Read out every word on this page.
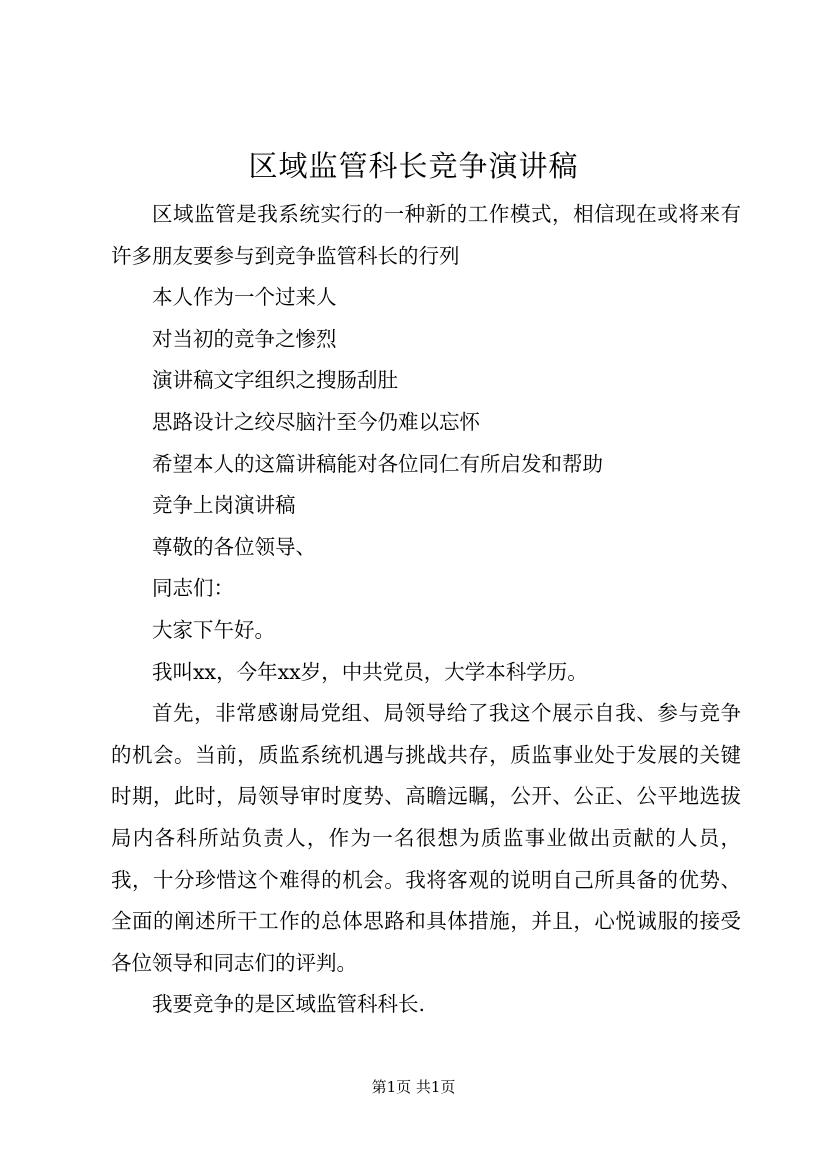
区域监管科长竞争演讲稿

区域监管是我系统实行的一种新的工作模式，相信现在或将来有许多朋友要参与到竞争监管科长的行列

本人作为一个过来人

对当初的竞争之惨烈

演讲稿文字组织之搜肠刮肚

思路设计之绞尽脑汁至今仍难以忘怀

希望本人的这篇讲稿能对各位同仁有所启发和帮助

竞争上岗演讲稿

尊敬的各位领导、

同志们：

大家下午好。

我叫xx，今年xx岁，中共党员，大学本科学历。

首先，非常感谢局党组、局领导给了我这个展示自我、参与竞争的机会。当前，质监系统机遇与挑战共存，质监事业处于发展的关键时期，此时，局领导审时度势、高瞻远瞩，公开、公正、公平地选拔局内各科所站负责人，作为一名很想为质监事业做出贡献的人员，我，十分珍惜这个难得的机会。我将客观的说明自己所具备的优势、全面的阐述所干工作的总体思路和具体措施，并且，心悦诚服的接受各位领导和同志们的评判。

我要竞争的是区域监管科科长.

第1页 共1页
